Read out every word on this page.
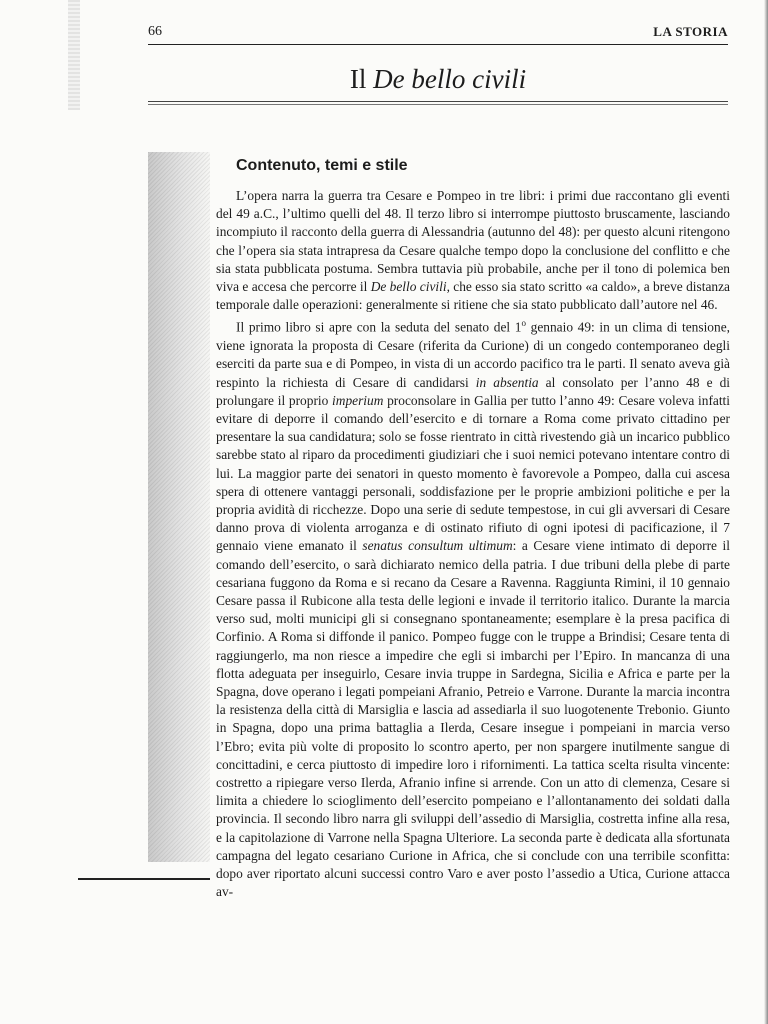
66	LA STORIA
Il De bello civili
Contenuto, temi e stile

L’opera narra la guerra tra Cesare e Pompeo in tre libri: i primi due raccontano gli eventi del 49 a.C., l’ultimo quelli del 48. Il terzo libro si interrompe piuttosto bruscamente, lasciando incompiuto il racconto della guerra di Alessandria (autunno del 48): per questo alcuni ritengono che l’opera sia stata intrapresa da Cesare qualche tempo dopo la conclusione del conflitto e che sia stata pubblicata postuma. Sembra tuttavia più probabile, anche per il tono di polemica ben viva e accesa che percorre il De bello civili, che esso sia stato scritto «a caldo», a breve distanza temporale dalle operazioni: generalmente si ritiene che sia stato pubblicato dall’autore nel 46.

Il primo libro si apre con la seduta del senato del 1$^o$ gennaio 49: in un clima di tensione, viene ignorata la proposta di Cesare (riferita da Curione) di un congedo contemporaneo degli eserciti da parte sua e di Pompeo, in vista di un accordo pacifico tra le parti. Il senato aveva già respinto la richiesta di Cesare di candidarsi in absentia al consolato per l’anno 48 e di prolungare il proprio imperium proconsolare in Gallia per tutto l’anno 49: Cesare voleva infatti evitare di deporre il comando dell’esercito e di tornare a Roma come privato cittadino per presentare la sua candidatura; solo se fosse rientrato in città rivestendo già un incarico pubblico sarebbe stato al riparo da procedimenti giudiziari che i suoi nemici potevano intentare contro di lui. La maggior parte dei senatori in questo momento è favorevole a Pompeo, dalla cui ascesa spera di ottenere vantaggi personali, soddisfazione per le proprie ambizioni politiche e per la propria avidità di ricchezze. Dopo una serie di sedute tempestose, in cui gli avversari di Cesare danno prova di violenta arroganza e di ostinato rifiuto di ogni ipotesi di pacificazione, il 7 gennaio viene emanato il senatus consultum ultimum: a Cesare viene intimato di deporre il comando dell’esercito, o sarà dichiarato nemico della patria. I due tribuni della plebe di parte cesariana fuggono da Roma e si recano da Cesare a Ravenna. Raggiunta Rimini, il 10 gennaio Cesare passa il Rubicone alla testa delle legioni e invade il territorio italico. Durante la marcia verso sud, molti municipi gli si consegnano spontaneamente; esemplare è la presa pacifica di Corfinio. A Roma si diffonde il panico. Pompeo fugge con le truppe a Brindisi; Cesare tenta di raggiungerlo, ma non riesce a impedire che egli si imbarchi per l’Epiro. In mancanza di una flotta adeguata per inseguirlo, Cesare invia truppe in Sardegna, Sicilia e Africa e parte per la Spagna, dove operano i legati pompeiani Afranio, Petreio e Varrone. Durante la marcia incontra la resistenza della città di Marsiglia e lascia ad assediarla il suo luogotenente Trebonio. Giunto in Spagna, dopo una prima battaglia a Ilerda, Cesare insegue i pompeiani in marcia verso l’Ebro; evita più volte di proposito lo scontro aperto, per non spargere inutilmente sangue di concittadini, e cerca piuttosto di impedire loro i rifornimenti. La tattica scelta risulta vincente: costretto a ripiegare verso Ilerda, Afranio infine si arrende. Con un atto di clemenza, Cesare si limita a chiedere lo scioglimento dell’esercito pompeiano e l’allontanamento dei soldati dalla provincia. Il secondo libro narra gli sviluppi dell’assedio di Marsiglia, costretta infine alla resa, e la capitolazione di Varrone nella Spagna Ulteriore. La seconda parte è dedicata alla sfortunata campagna del legato cesariano Curione in Africa, che si conclude con una terribile sconfitta: dopo aver riportato alcuni successi contro Varo e aver posto l’assedio a Utica, Curione attacca av-
